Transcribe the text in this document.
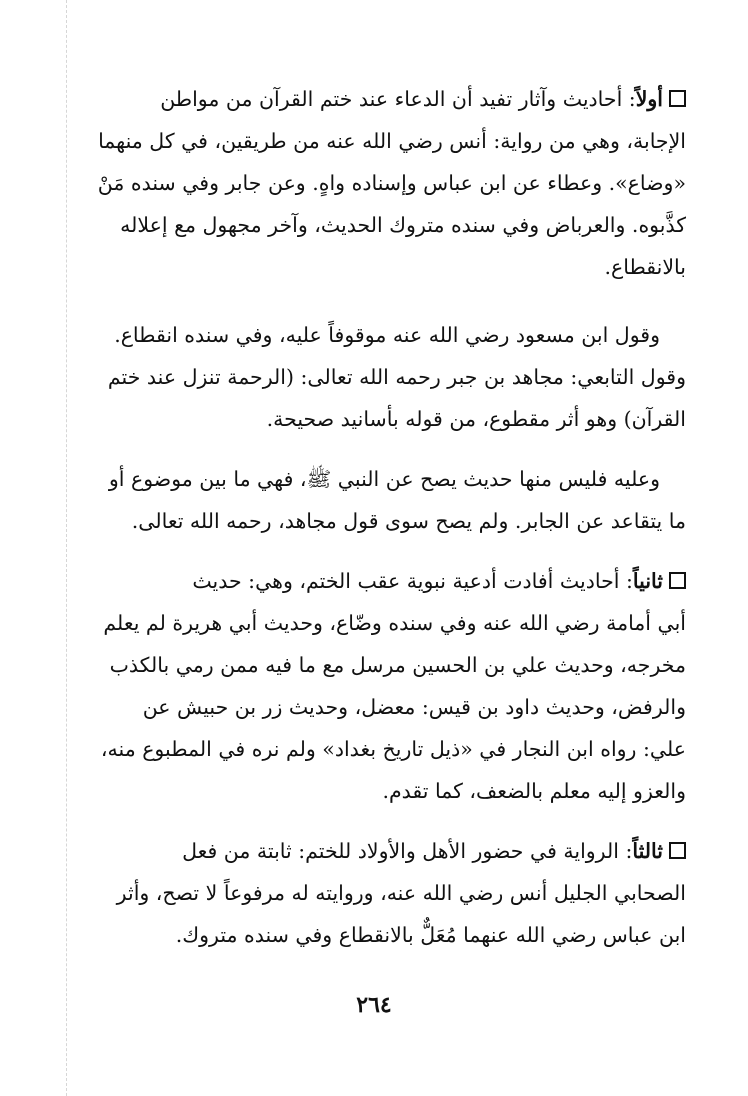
أولاً: أحاديث وآثار تفيد أن الدعاء عند ختم القرآن من مواطن

الإجابة، وهي من رواية: أنس رضي الله عنه من طريقين، في كل منهما

«وضاع». وعطاء عن ابن عباس وإسناده واهٍ. وعن جابر وفي سنده مَنْ

كذَّبوه. والعرباض وفي سنده متروك الحديث، وآخر مجهول مع إعلاله

بالانقطاع.

وقول ابن مسعود رضي الله عنه موقوفاً عليه، وفي سنده انقطاع.

وقول التابعي: مجاهد بن جبر رحمه الله تعالى: (الرحمة تنزل عند ختم

القرآن) وهو أثر مقطوع، من قوله بأسانيد صحيحة.

وعليه فليس منها حديث يصح عن النبي ﷺ، فهي ما بين موضوع أو

ما يتقاعد عن الجابر. ولم يصح سوى قول مجاهد، رحمه الله تعالى.

ثانياً: أحاديث أفادت أدعية نبوية عقب الختم، وهي: حديث

أبي أمامة رضي الله عنه وفي سنده وضّاع، وحديث أبي هريرة لم يعلم

مخرجه، وحديث علي بن الحسين مرسل مع ما فيه ممن رمي بالكذب

والرفض، وحديث داود بن قيس: معضل، وحديث زر بن حبيش عن

علي: رواه ابن النجار في «ذيل تاريخ بغداد» ولم نره في المطبوع منه،

والعزو إليه معلم بالضعف، كما تقدم.

ثالثاً: الرواية في حضور الأهل والأولاد للختم: ثابتة من فعل

الصحابي الجليل أنس رضي الله عنه، وروايته له مرفوعاً لا تصح، وأثر

ابن عباس رضي الله عنهما مُعَلٌّ بالانقطاع وفي سنده متروك.

٢٦٤
